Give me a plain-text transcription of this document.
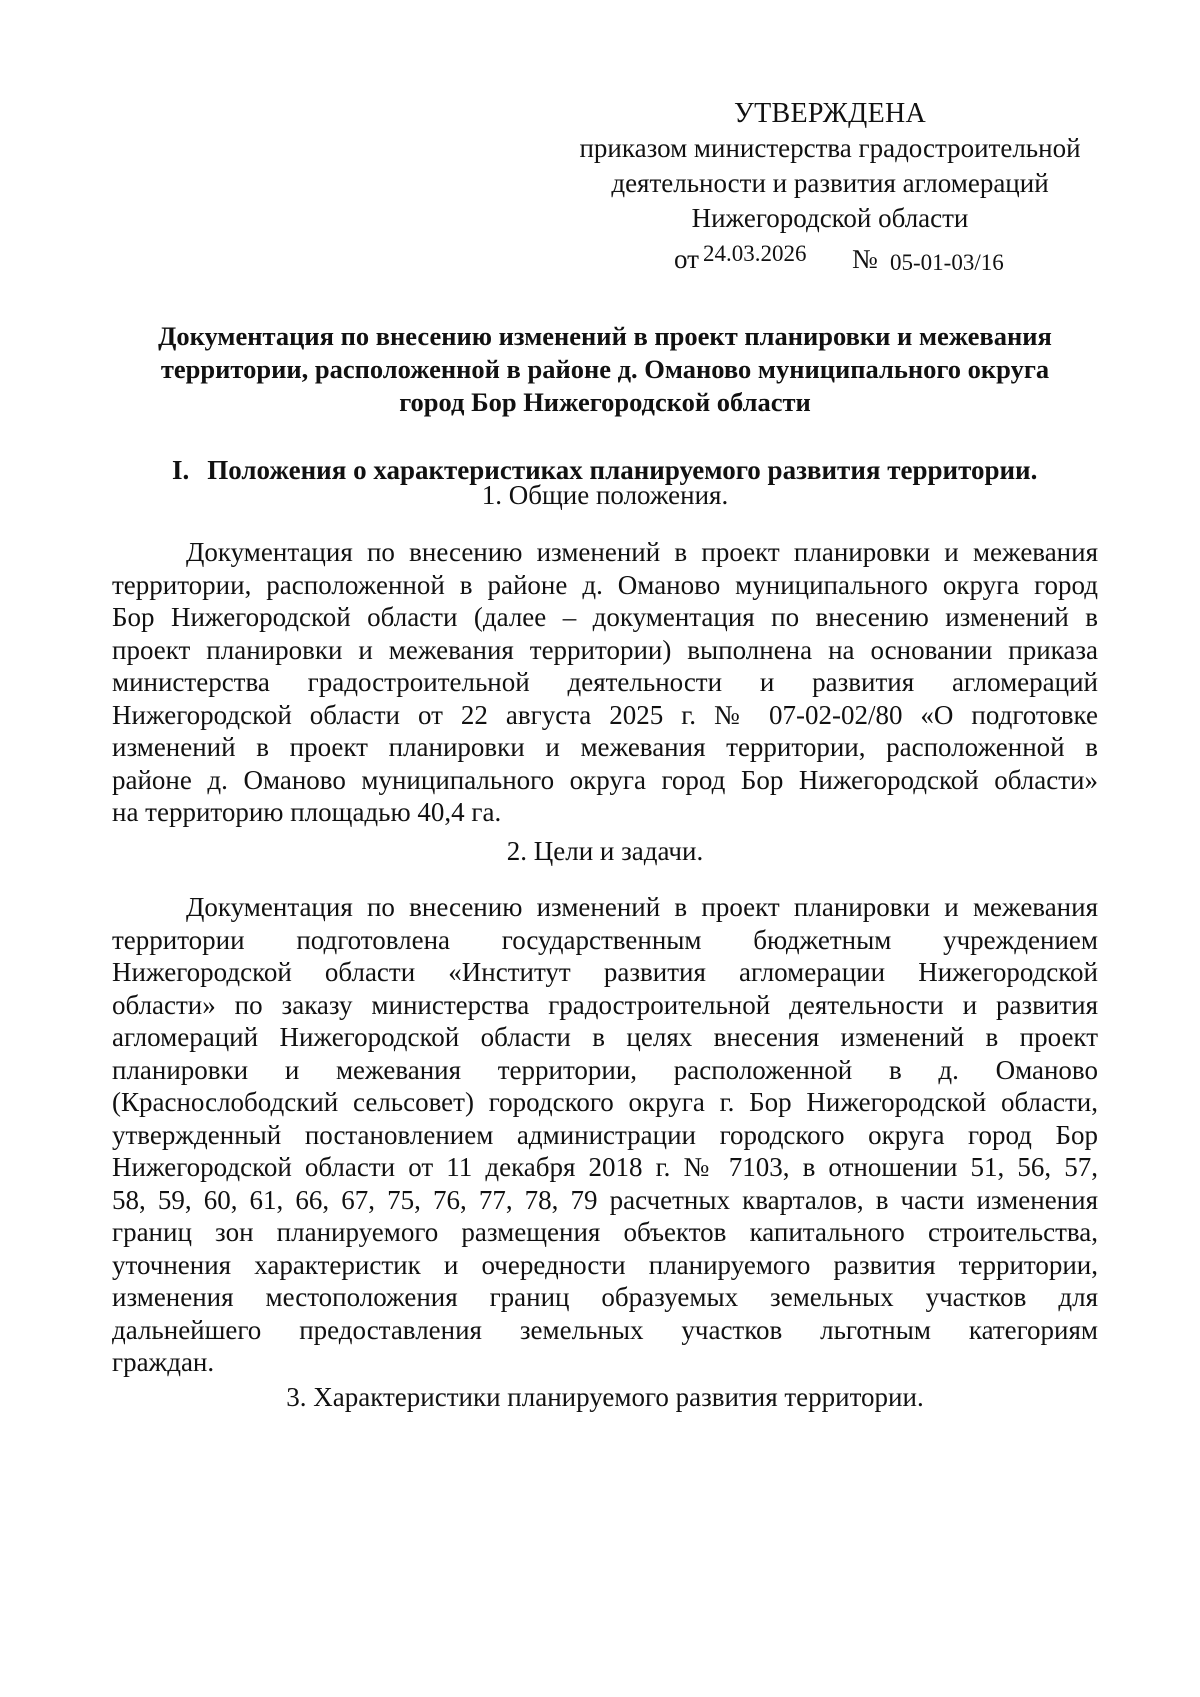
УТВЕРЖДЕНА
приказом министерства градостроительной
деятельности и развития агломераций
Нижегородской области
от 24.03.2026 № 05-01-03/16
Документация по внесению изменений в проект планировки и межевания
территории, расположенной в районе д. Оманово муниципального округа
город Бор Нижегородской области
I. Положения о характеристиках планируемого развития территории.
1. Общие положения.
Документация по внесению изменений в проект планировки и межевания
территории, расположенной в районе д. Оманово муниципального округа город
Бор Нижегородской области (далее – документация по внесению изменений в
проект планировки и межевания территории) выполнена на основании приказа
министерства градостроительной деятельности и развития агломераций
Нижегородской области от 22 августа 2025 г. № 07-02-02/80 «О подготовке
изменений в проект планировки и межевания территории, расположенной в
районе д. Оманово муниципального округа город Бор Нижегородской области»
на территорию площадью 40,4 га.
2. Цели и задачи.
Документация по внесению изменений в проект планировки и межевания
территории подготовлена государственным бюджетным учреждением
Нижегородской области «Институт развития агломерации Нижегородской
области» по заказу министерства градостроительной деятельности и развития
агломераций Нижегородской области в целях внесения изменений в проект
планировки и межевания территории, расположенной в д. Оманово
(Краснослободский сельсовет) городского округа г. Бор Нижегородской области,
утвержденный постановлением администрации городского округа город Бор
Нижегородской области от 11 декабря 2018 г. № 7103, в отношении 51, 56, 57,
58, 59, 60, 61, 66, 67, 75, 76, 77, 78, 79 расчетных кварталов, в части изменения
границ зон планируемого размещения объектов капитального строительства,
уточнения характеристик и очередности планируемого развития территории,
изменения местоположения границ образуемых земельных участков для
дальнейшего предоставления земельных участков льготным категориям
граждан.
3. Характеристики планируемого развития территории.
